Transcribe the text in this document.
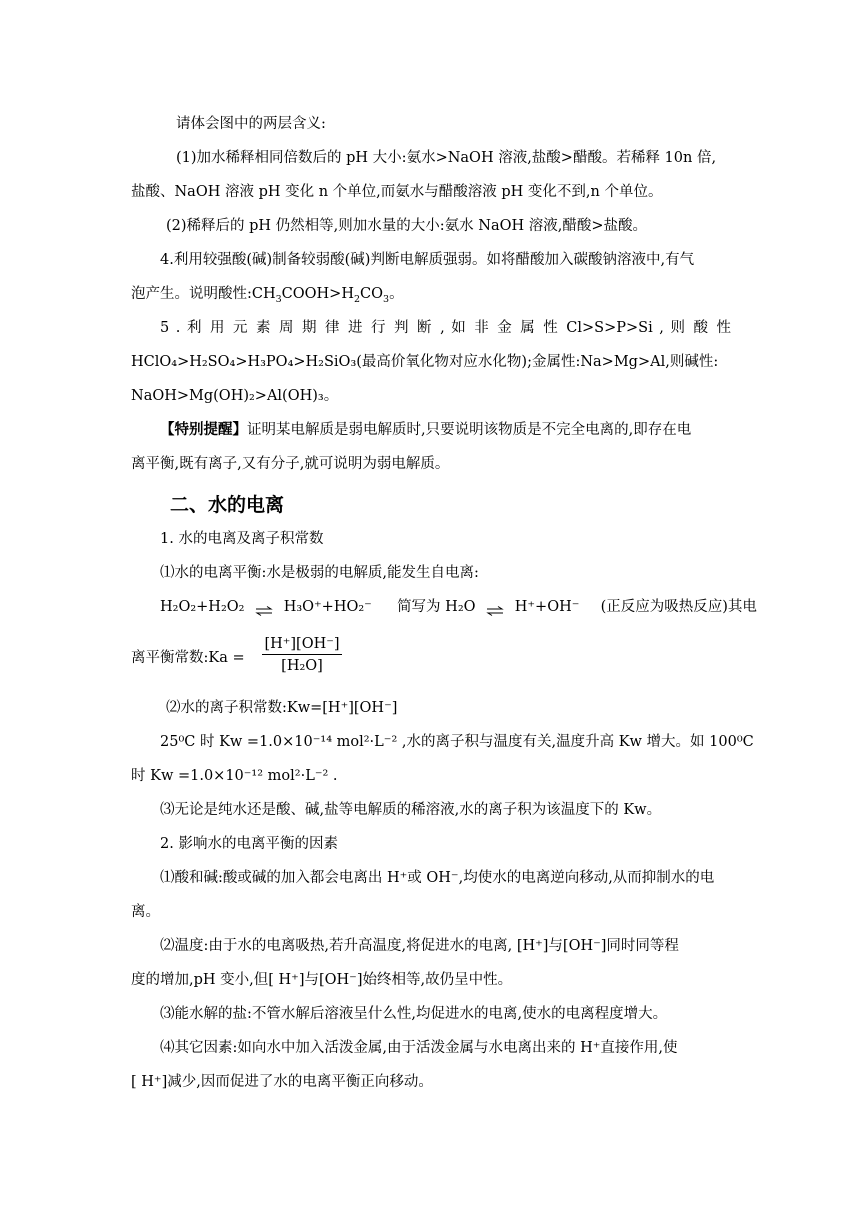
请体会图中的两层含义:
(1)加水稀释相同倍数后的 pH 大小:氨水>NaOH 溶液,盐酸>醋酸。若稀释 10n 倍,
盐酸、NaOH 溶液 pH 变化 n 个单位,而氨水与醋酸溶液 pH 变化不到,n 个单位。
(2)稀释后的 pH 仍然相等,则加水量的大小:氨水 NaOH 溶液,醋酸>盐酸。
4.利用较强酸(碱)制备较弱酸(碱)判断电解质强弱。如将醋酸加入碳酸钠溶液中,有气
泡产生。说明酸性$:CH_3COOH>H_2CO_3$。
5 . 利 用 元 素 周 期 律 进 行 判 断 , 如 非 金 属 性 Cl>S>P>Si , 则 酸 性
HClO₄>H₂SO₄>H₃PO₄>H₂SiO₃(最高价氧化物对应水化物);金属性:Na>Mg>Al,则碱性:
NaOH>Mg(OH)₂>Al(OH)₃。
【特别提醒】证明某电解质是弱电解质时,只要说明该物质是不完全电离的,即存在电
离平衡,既有离子,又有分子,就可说明为弱电解质。
二、水的电离
1. 水的电离及离子积常数
⑴水的电离平衡:水是极弱的电解质,能发生自电离:
H₂O₂+H₂O₂ ⇌ H₃O⁺+HO₂⁻ 简写为 H₂O ⇌ H⁺+OH⁻ (正反应为吸热反应)其电
离平衡常数:Ka =	$\frac{[H^+][OH^-]}{\text{[H₂O]}}$
⑵水的离子积常数:Kw=[H⁺][OH⁻]
25⁰C 时 Kw =1.0×10⁻¹⁴ mol²·L⁻² ,水的离子积与温度有关,温度升高 Kw 增大。如 100⁰C
时 Kw =1.0×10⁻¹² mol²·L⁻² .
⑶无论是纯水还是酸、碱,盐等电解质的稀溶液,水的离子积为该温度下的 Kw。
2. 影响水的电离平衡的因素
⑴酸和碱:酸或碱的加入都会电离出 H⁺或 OH⁻,均使水的电离逆向移动,从而抑制水的电
离。
⑵温度:由于水的电离吸热,若升高温度,将促进水的电离, [H⁺]与[OH⁻]同时同等程
度的增加,pH 变小,但[ H⁺]与[OH⁻]始终相等,故仍呈中性。
⑶能水解的盐:不管水解后溶液呈什么性,均促进水的电离,使水的电离程度增大。
⑷其它因素:如向水中加入活泼金属,由于活泼金属与水电离出来的 H⁺直接作用,使
[ H⁺]减少,因而促进了水的电离平衡正向移动。
